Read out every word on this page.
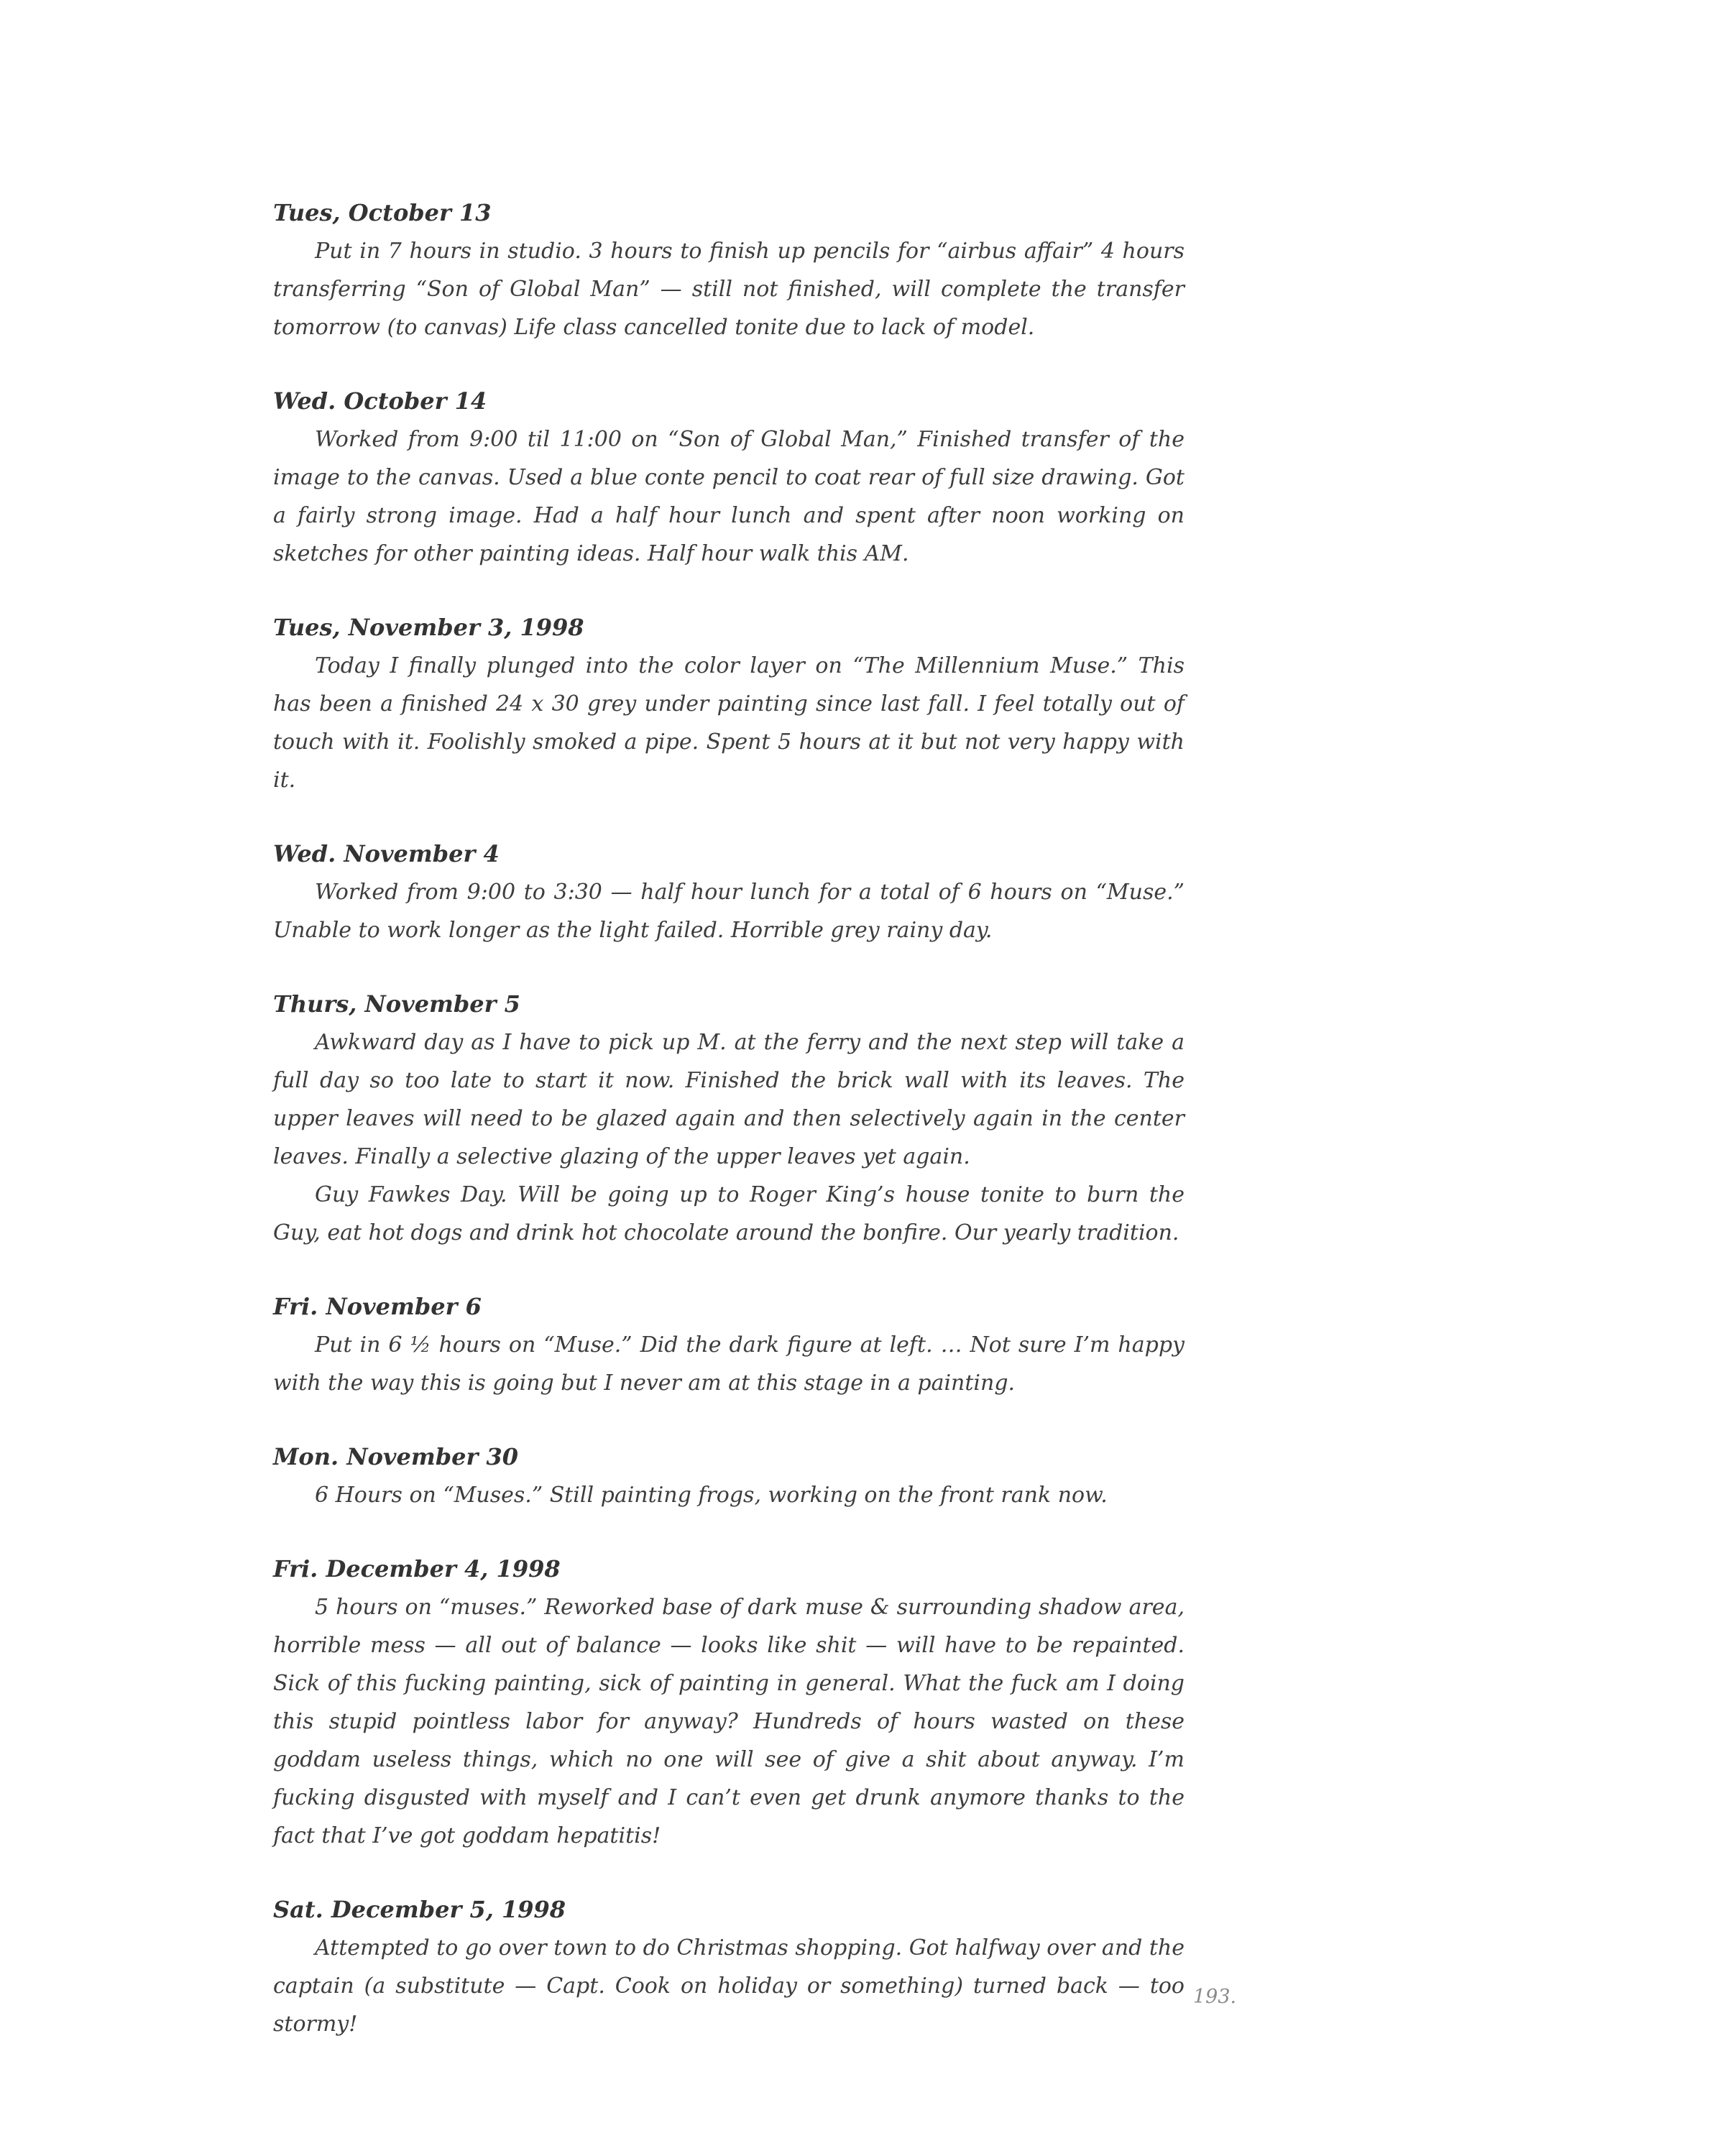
Tues, October 13

Put in 7 hours in studio. 3 hours to finish up pencils for “airbus affair” 4 hours transferring “Son of Global Man” — still not finished, will complete the transfer tomorrow (to canvas) Life class cancelled tonite due to lack of model.

Wed. October 14

Worked from 9:00 til 11:00 on “Son of Global Man,” Finished transfer of the image to the canvas. Used a blue conte pencil to coat rear of full size drawing. Got a fairly strong image. Had a half hour lunch and spent after noon working on sketches for other painting ideas. Half hour walk this AM.

Tues, November 3, 1998

Today I finally plunged into the color layer on “The Millennium Muse.” This has been a finished 24 x 30 grey under painting since last fall. I feel totally out of touch with it. Foolishly smoked a pipe. Spent 5 hours at it but not very happy with it.

Wed. November 4

Worked from 9:00 to 3:30 — half hour lunch for a total of 6 hours on “Muse.” Unable to work longer as the light failed. Horrible grey rainy day.

Thurs, November 5

Awkward day as I have to pick up M. at the ferry and the next step will take a full day so too late to start it now. Finished the brick wall with its leaves. The upper leaves will need to be glazed again and then selectively again in the center leaves. Finally a selective glazing of the upper leaves yet again.

Guy Fawkes Day. Will be going up to Roger King’s house tonite to burn the Guy, eat hot dogs and drink hot chocolate around the bonfire. Our yearly tradition.

Fri. November 6

Put in 6 ½ hours on “Muse.” Did the dark figure at left. … Not sure I’m happy with the way this is going but I never am at this stage in a painting.

Mon. November 30

6 Hours on “Muses.” Still painting frogs, working on the front rank now.

Fri. December 4, 1998

5 hours on “muses.” Reworked base of dark muse & surrounding shadow area, horrible mess — all out of balance — looks like shit — will have to be repainted. Sick of this fucking painting, sick of painting in general. What the fuck am I doing this stupid pointless labor for anyway? Hundreds of hours wasted on these goddam useless things, which no one will see of give a shit about anyway. I’m fucking disgusted with myself and I can’t even get drunk anymore thanks to the fact that I’ve got goddam hepatitis!

Sat. December 5, 1998

Attempted to go over town to do Christmas shopping. Got halfway over and the captain (a substitute — Capt. Cook on holiday or something) turned back — too stormy!

193.
